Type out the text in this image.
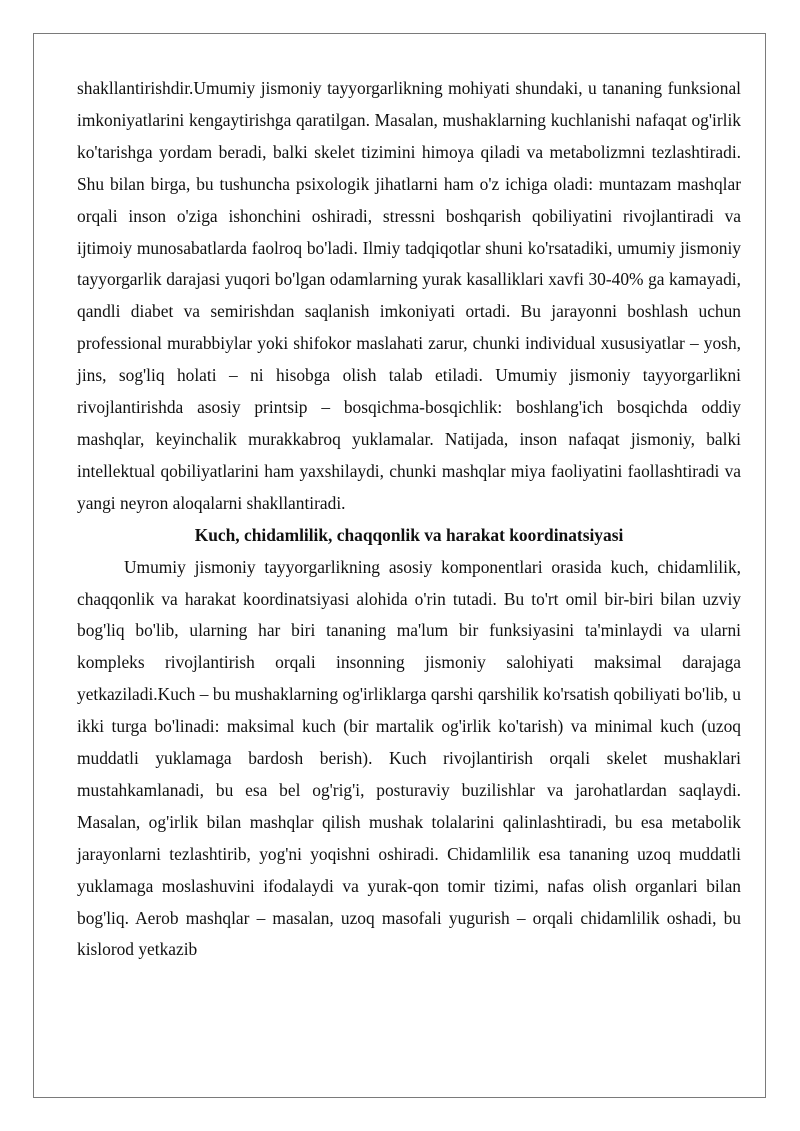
shakllantirishdir.Umumiy jismoniy tayyorgarlikning mohiyati shundaki, u tananing funksional imkoniyatlarini kengaytirishga qaratilgan. Masalan, mushaklarning kuchlanishi nafaqat og'irlik ko'tarishga yordam beradi, balki skelet tizimini himoya qiladi va metabolizmni tezlashtiradi. Shu bilan birga, bu tushuncha psixologik jihatlarni ham o'z ichiga oladi: muntazam mashqlar orqali inson o'ziga ishonchini oshiradi, stressni boshqarish qobiliyatini rivojlantiradi va ijtimoiy munosabatlarda faolroq bo'ladi. Ilmiy tadqiqotlar shuni ko'rsatadiki, umumiy jismoniy tayyorgarlik darajasi yuqori bo'lgan odamlarning yurak kasalliklari xavfi 30-40% ga kamayadi, qandli diabet va semirishdan saqlanish imkoniyati ortadi. Bu jarayonni boshlash uchun professional murabbiylar yoki shifokor maslahati zarur, chunki individual xususiyatlar – yosh, jins, sog'liq holati – ni hisobga olish talab etiladi. Umumiy jismoniy tayyorgarlikni rivojlantirishda asosiy printsip – bosqichma-bosqichlik: boshlang'ich bosqichda oddiy mashqlar, keyinchalik murakkabroq yuklamalar. Natijada, inson nafaqat jismoniy, balki intellektual qobiliyatlarini ham yaxshilaydi, chunki mashqlar miya faoliyatini faollashtiradi va yangi neyron aloqalarni shakllantiradi.

Kuch, chidamlilik, chaqqonlik va harakat koordinatsiyasi

Umumiy jismoniy tayyorgarlikning asosiy komponentlari orasida kuch, chidamlilik, chaqqonlik va harakat koordinatsiyasi alohida o'rin tutadi. Bu to'rt omil bir-biri bilan uzviy bog'liq bo'lib, ularning har biri tananing ma'lum bir funksiyasini ta'minlaydi va ularni kompleks rivojlantirish orqali insonning jismoniy salohiyati maksimal darajaga yetkaziladi.Kuch – bu mushaklarning og'irliklarga qarshi qarshilik ko'rsatish qobiliyati bo'lib, u ikki turga bo'linadi: maksimal kuch (bir martalik og'irlik ko'tarish) va minimal kuch (uzoq muddatli yuklamaga bardosh berish). Kuch rivojlantirish orqali skelet mushaklari mustahkamlanadi, bu esa bel og'rig'i, posturaviy buzilishlar va jarohatlardan saqlaydi. Masalan, og'irlik bilan mashqlar qilish mushak tolalarini qalinlashtiradi, bu esa metabolik jarayonlarni tezlashtirib, yog'ni yoqishni oshiradi. Chidamlilik esa tananing uzoq muddatli yuklamaga moslashuvini ifodalaydi va yurak-qon tomir tizimi, nafas olish organlari bilan bog'liq. Aerob mashqlar – masalan, uzoq masofali yugurish – orqali chidamlilik oshadi, bu kislorod yetkazib
